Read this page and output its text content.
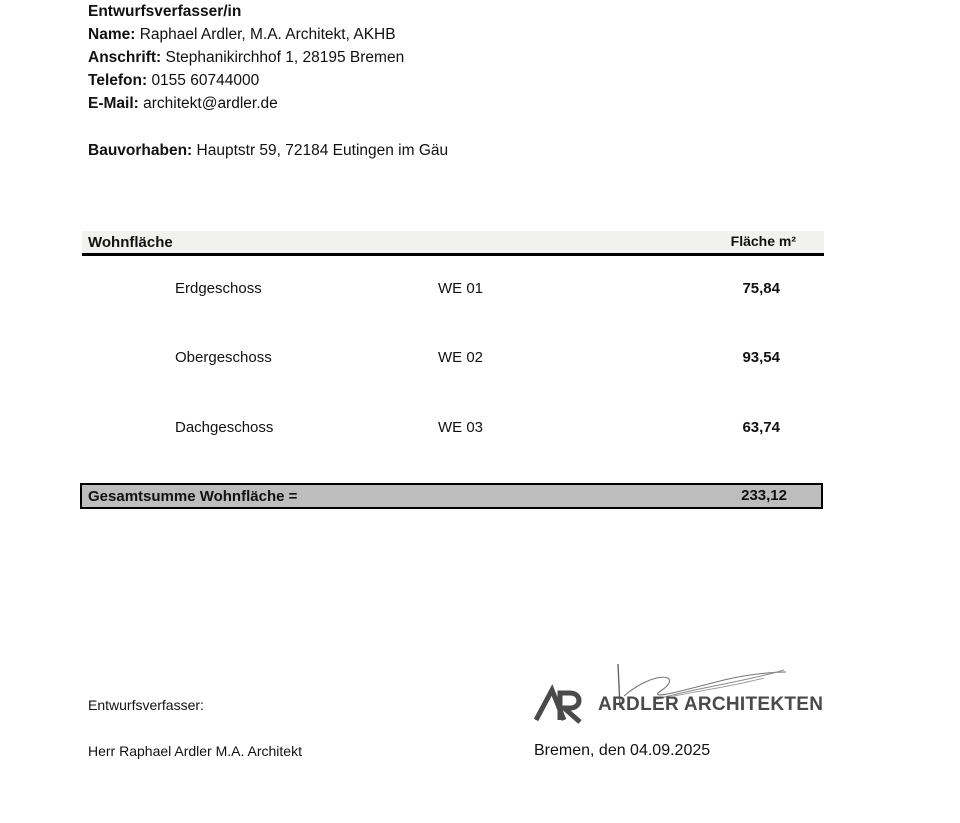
Entwurfsverfasser/in
Name: Raphael Ardler, M.A. Architekt, AKHB
Anschrift: Stephanikirchhof 1, 28195 Bremen
Telefon: 0155 60744000
E-Mail: architekt@ardler.de
Bauvorhaben: Hauptstr 59, 72184 Eutingen im Gäu
Wohnfläche	Fläche m²
Erdgeschoss	WE 01	75,84
Obergeschoss	WE 02	93,54
Dachgeschoss	WE 03	63,74
Gesamtsumme Wohnfläche =	233,12
Entwurfsverfasser:
Herr Raphael Ardler M.A. Architekt
ARDLER ARCHITEKTEN
Bremen, den 04.09.2025
